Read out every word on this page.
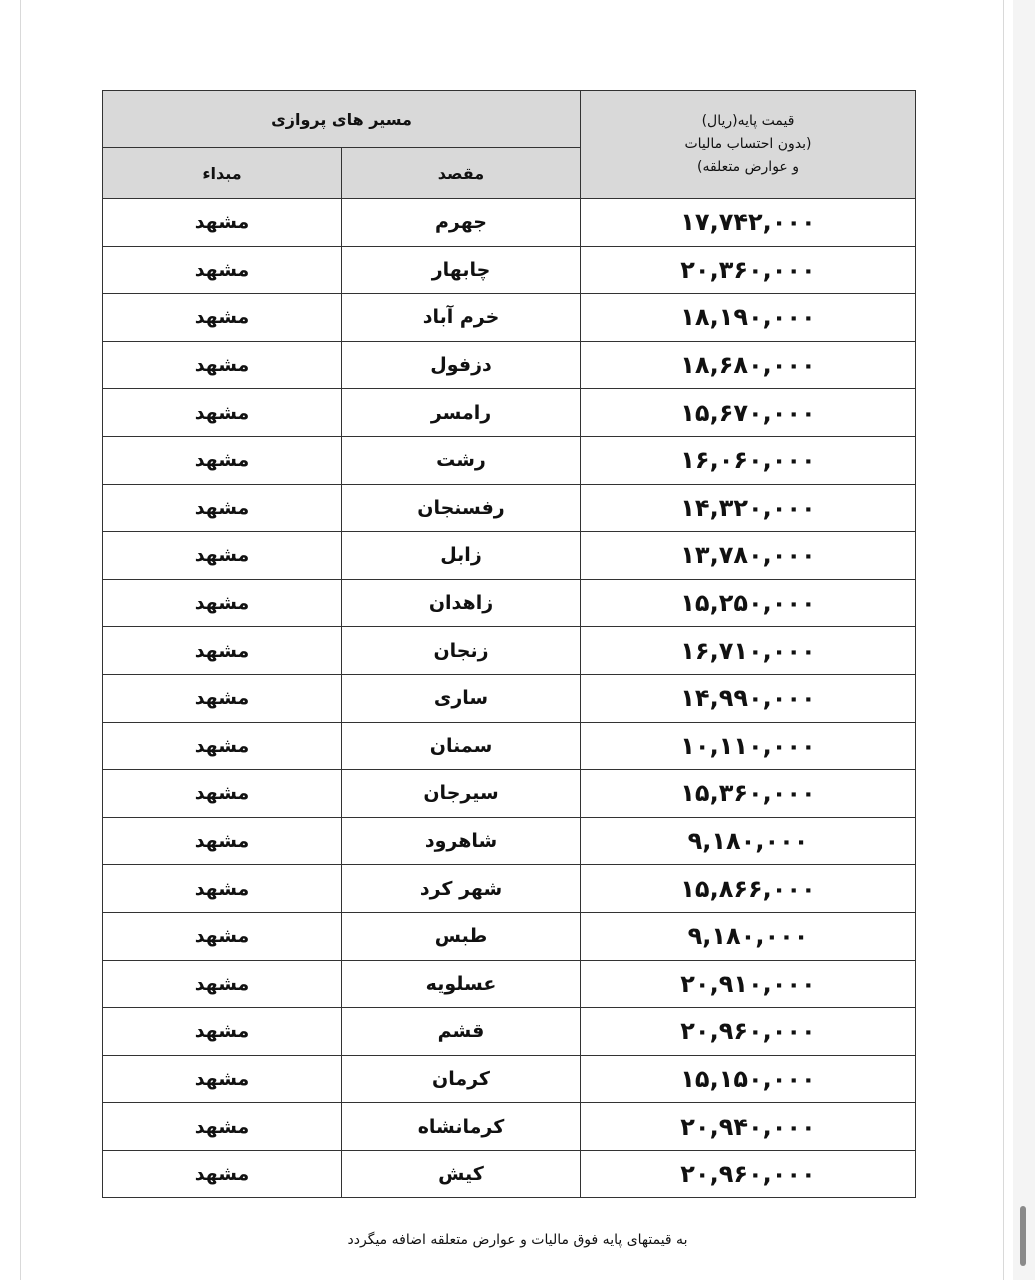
مسیر های پروازی		قیمت پایه(ریال)
(بدون احتساب مالیات
و عوارض متعلقه)

مبداء	مقصد	
مشهد	جهرم	۱۷,۷۴۲,۰۰۰
مشهد	چابهار	۲۰,۳۶۰,۰۰۰
مشهد	خرم آباد	۱۸,۱۹۰,۰۰۰
مشهد	دزفول	۱۸,۶۸۰,۰۰۰
مشهد	رامسر	۱۵,۶۷۰,۰۰۰
مشهد	رشت	۱۶,۰۶۰,۰۰۰
مشهد	رفسنجان	۱۴,۳۲۰,۰۰۰
مشهد	زابل	۱۳,۷۸۰,۰۰۰
مشهد	زاهدان	۱۵,۲۵۰,۰۰۰
مشهد	زنجان	۱۶,۷۱۰,۰۰۰
مشهد	ساری	۱۴,۹۹۰,۰۰۰
مشهد	سمنان	۱۰,۱۱۰,۰۰۰
مشهد	سیرجان	۱۵,۳۶۰,۰۰۰
مشهد	شاهرود	۹,۱۸۰,۰۰۰
مشهد	شهر کرد	۱۵,۸۶۶,۰۰۰
مشهد	طبس	۹,۱۸۰,۰۰۰
مشهد	عسلویه	۲۰,۹۱۰,۰۰۰
مشهد	قشم	۲۰,۹۶۰,۰۰۰
مشهد	کرمان	۱۵,۱۵۰,۰۰۰
مشهد	کرمانشاه	۲۰,۹۴۰,۰۰۰
مشهد	کیش	۲۰,۹۶۰,۰۰۰
به قیمتهای پایه فوق مالیات و عوارض متعلقه اضافه میگردد
